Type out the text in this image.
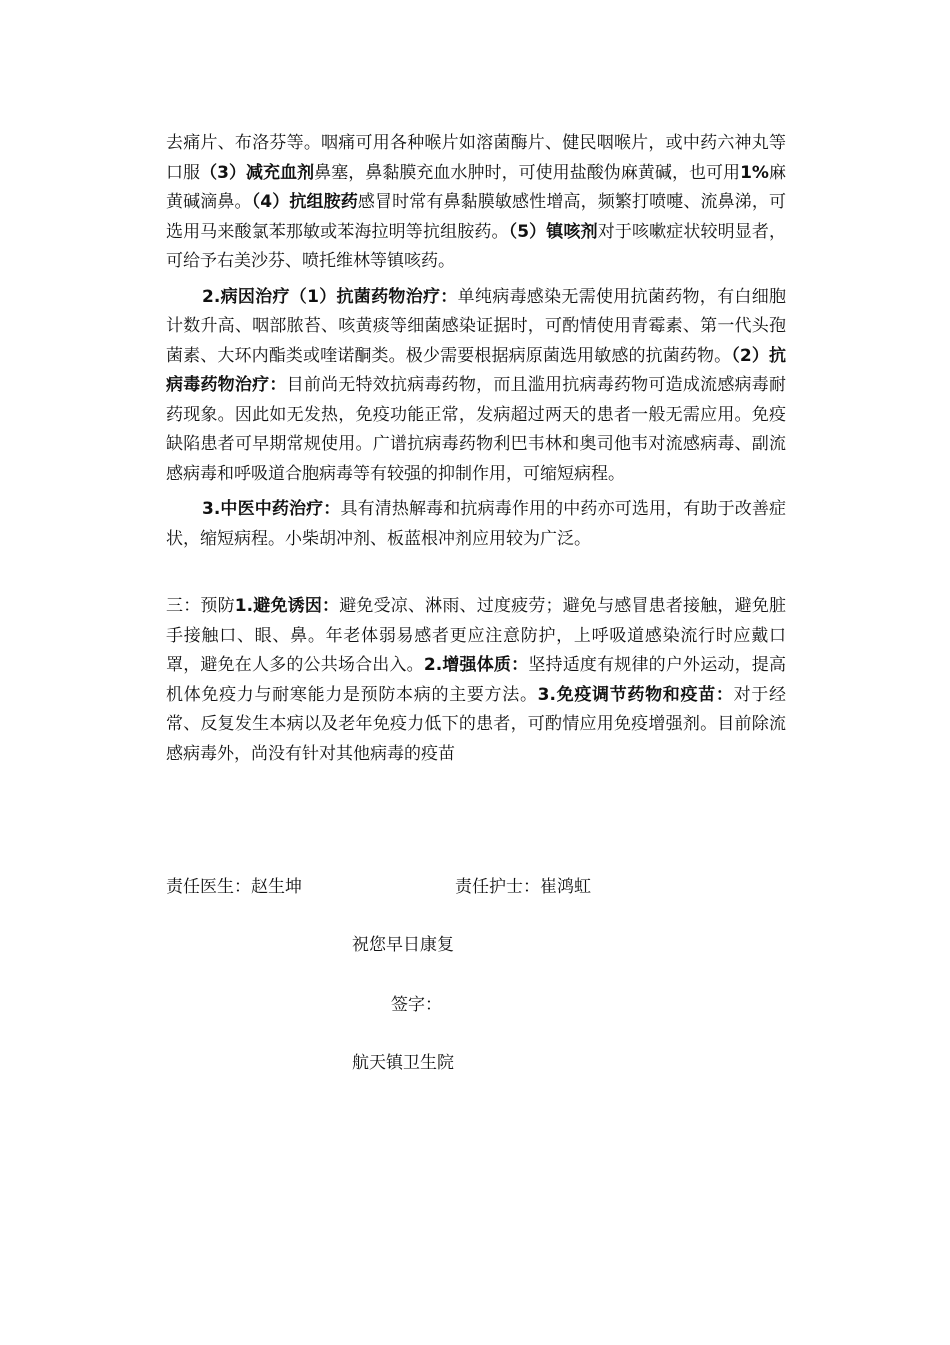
去痛片、布洛芬等。咽痛可用各种喉片如溶菌酶片、健民咽喉片，或中药六神丸等口服（3）减充血剂鼻塞，鼻黏膜充血水肿时，可使用盐酸伪麻黄碱，也可用1%麻黄碱滴鼻。（4）抗组胺药感冒时常有鼻黏膜敏感性增高，频繁打喷嚏、流鼻涕，可选用马来酸氯苯那敏或苯海拉明等抗组胺药。（5）镇咳剂对于咳嗽症状较明显者，可给予右美沙芬、喷托维林等镇咳药。

2.病因治疗（1）抗菌药物治疗：单纯病毒感染无需使用抗菌药物，有白细胞计数升高、咽部脓苔、咳黄痰等细菌感染证据时，可酌情使用青霉素、第一代头孢菌素、大环内酯类或喹诺酮类。极少需要根据病原菌选用敏感的抗菌药物。（2）抗病毒药物治疗：目前尚无特效抗病毒药物，而且滥用抗病毒药物可造成流感病毒耐药现象。因此如无发热，免疫功能正常，发病超过两天的患者一般无需应用。免疫缺陷患者可早期常规使用。广谱抗病毒药物利巴韦林和奥司他韦对流感病毒、副流感病毒和呼吸道合胞病毒等有较强的抑制作用，可缩短病程。

3.中医中药治疗：具有清热解毒和抗病毒作用的中药亦可选用，有助于改善症状，缩短病程。小柴胡冲剂、板蓝根冲剂应用较为广泛。

三：预防1.避免诱因：避免受凉、淋雨、过度疲劳；避免与感冒患者接触，避免脏手接触口、眼、鼻。年老体弱易感者更应注意防护，上呼吸道感染流行时应戴口罩，避免在人多的公共场合出入。2.增强体质：坚持适度有规律的户外运动，提高机体免疫力与耐寒能力是预防本病的主要方法。3.免疫调节药物和疫苗：对于经常、反复发生本病以及老年免疫力低下的患者，可酌情应用免疫增强剂。目前除流感病毒外，尚没有针对其他病毒的疫苗

责任医生：赵生坤	责任护士：崔鸿虹
祝您早日康复
签字：
航天镇卫生院
